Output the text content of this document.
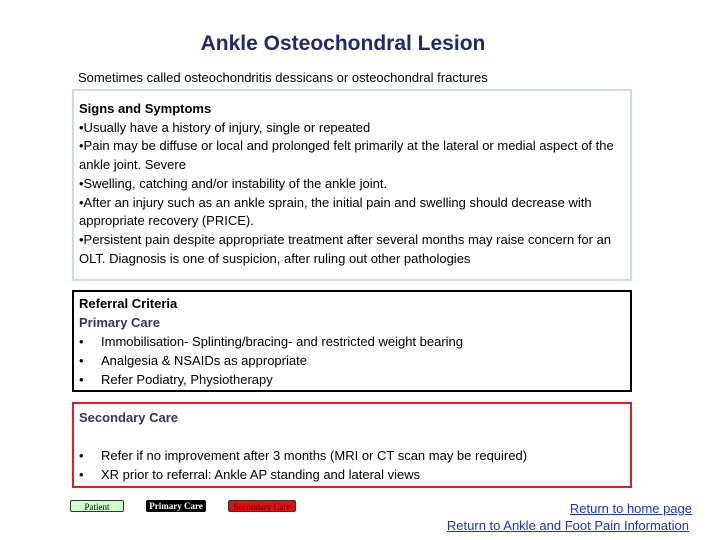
Ankle Osteochondral Lesion
Sometimes called osteochondritis dessicans or osteochondral fractures
Signs and Symptoms
•Usually have a history of injury, single or repeated
•Pain may be diffuse or local and prolonged felt primarily at the lateral or medial aspect of the ankle joint. Severe
•Swelling, catching and/or instability of the ankle joint.
•After an injury such as an ankle sprain, the initial pain and swelling should decrease with appropriate recovery (PRICE).
•Persistent pain despite appropriate treatment after several months may raise concern for an OLT. Diagnosis is one of suspicion, after ruling out other pathologies
Referral Criteria
Primary Care
•	Immobilisation- Splinting/bracing- and restricted weight bearing
•	Analgesia & NSAIDs as appropriate
•	Refer Podiatry, Physiotherapy
Secondary Care
•	Refer if no improvement after 3 months (MRI or CT scan may be required)
•	XR prior to referral: Ankle AP standing and lateral views
Patient	Primary Care	Secondary Care	Return to home page
Return to Ankle and Foot Pain Information
